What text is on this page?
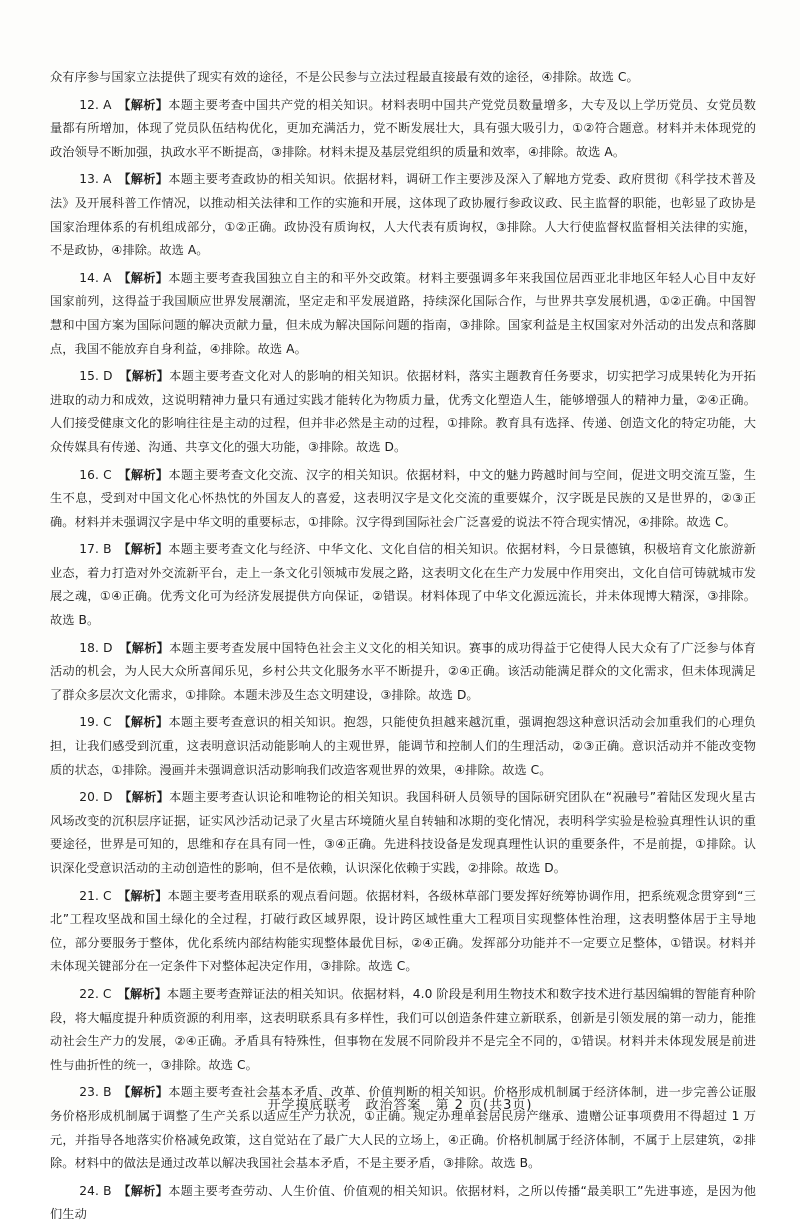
众有序参与国家立法提供了现实有效的途径，不是公民参与立法过程最直接最有效的途径，④排除。故选 C。

12. A　 【解析】本题主要考查中国共产党的相关知识。材料表明中国共产党党员数量增多，大专及以上学历党员、女党员数量都有所增加，体现了党员队伍结构优化，更加充满活力，党不断发展壮大，具有强大吸引力，①②符合题意。材料并未体现党的政治领导不断加强，执政水平不断提高，③排除。材料未提及基层党组织的质量和效率，④排除。故选 A。

13. A　 【解析】本题主要考查政协的相关知识。依据材料，调研工作主要涉及深入了解地方党委、政府贯彻《科学技术普及法》及开展科普工作情况，以推动相关法律和工作的实施和开展，这体现了政协履行参政议政、民主监督的职能，也彰显了政协是国家治理体系的有机组成部分，①②正确。政协没有质询权，人大代表有质询权，③排除。人大行使监督权监督相关法律的实施，不是政协，④排除。故选 A。

14. A　 【解析】本题主要考查我国独立自主的和平外交政策。材料主要强调多年来我国位居西亚北非地区年轻人心目中友好国家前列，这得益于我国顺应世界发展潮流，坚定走和平发展道路，持续深化国际合作，与世界共享发展机遇，①②正确。中国智慧和中国方案为国际问题的解决贡献力量，但未成为解决国际问题的指南，③排除。国家利益是主权国家对外活动的出发点和落脚点，我国不能放弃自身利益，④排除。故选 A。

15. D　 【解析】本题主要考查文化对人的影响的相关知识。依据材料，落实主题教育任务要求，切实把学习成果转化为开拓进取的动力和成效，这说明精神力量只有通过实践才能转化为物质力量，优秀文化塑造人生，能够增强人的精神力量，②④正确。人们接受健康文化的影响往往是主动的过程，但并非必然是主动的过程，①排除。教育具有选择、传递、创造文化的特定功能，大众传媒具有传递、沟通、共享文化的强大功能，③排除。故选 D。

16. C　 【解析】本题主要考查文化交流、汉字的相关知识。依据材料，中文的魅力跨越时间与空间，促进文明交流互鉴，生生不息，受到对中国文化心怀热忱的外国友人的喜爱，这表明汉字是文化交流的重要媒介，汉字既是民族的又是世界的，②③正确。材料并未强调汉字是中华文明的重要标志，①排除。汉字得到国际社会广泛喜爱的说法不符合现实情况，④排除。故选 C。

17. B　 【解析】本题主要考查文化与经济、中华文化、文化自信的相关知识。依据材料，今日景德镇，积极培育文化旅游新业态，着力打造对外交流新平台，走上一条文化引领城市发展之路，这表明文化在生产力发展中作用突出，文化自信可铸就城市发展之魂，①④正确。优秀文化可为经济发展提供方向保证，②错误。材料体现了中华文化源远流长，并未体现博大精深，③排除。故选 B。

18. D　 【解析】本题主要考查发展中国特色社会主义文化的相关知识。赛事的成功得益于它使得人民大众有了广泛参与体育活动的机会，为人民大众所喜闻乐见，乡村公共文化服务水平不断提升，②④正确。该活动能满足群众的文化需求，但未体现满足了群众多层次文化需求，①排除。本题未涉及生态文明建设，③排除。故选 D。

19. C　 【解析】本题主要考查意识的相关知识。抱怨，只能使负担越来越沉重，强调抱怨这种意识活动会加重我们的心理负担，让我们感受到沉重，这表明意识活动能影响人的主观世界，能调节和控制人们的生理活动，②③正确。意识活动并不能改变物质的状态，①排除。漫画并未强调意识活动影响我们改造客观世界的效果，④排除。故选 C。

20. D　 【解析】本题主要考查认识论和唯物论的相关知识。我国科研人员领导的国际研究团队在“祝融号”着陆区发现火星古风场改变的沉积层序证据，证实风沙活动记录了火星古环境随火星自转轴和冰期的变化情况，表明科学实验是检验真理性认识的重要途径，世界是可知的，思维和存在具有同一性，③④正确。先进科技设备是发现真理性认识的重要条件，不是前提，①排除。认识深化受意识活动的主动创造性的影响，但不是依赖，认识深化依赖于实践，②排除。故选 D。

21. C　 【解析】本题主要考查用联系的观点看问题。依据材料，各级林草部门要发挥好统筹协调作用，把系统观念贯穿到“三北”工程攻坚战和国土绿化的全过程，打破行政区域界限，设计跨区域性重大工程项目实现整体性治理，这表明整体居于主导地位，部分要服务于整体，优化系统内部结构能实现整体最优目标，②④正确。发挥部分功能并不一定要立足整体，①错误。材料并未体现关键部分在一定条件下对整体起决定作用，③排除。故选 C。

22. C　 【解析】本题主要考查辩证法的相关知识。依据材料，4.0 阶段是利用生物技术和数字技术进行基因编辑的智能育种阶段，将大幅度提升种质资源的利用率，这表明联系具有多样性，我们可以创造条件建立新联系，创新是引领发展的第一动力，能推动社会生产力的发展，②④正确。矛盾具有特殊性，但事物在发展不同阶段并不是完全不同的，①错误。材料并未体现发展是前进性与曲折性的统一，③排除。故选 C。

23. B　 【解析】本题主要考查社会基本矛盾、改革、价值判断的相关知识。价格形成机制属于经济体制，进一步完善公证服务价格形成机制属于调整了生产关系以适应生产力状况，①正确。规定办理单套居民房产继承、遗赠公证事项费用不得超过 1 万元，并指导各地落实价格减免政策，这自觉站在了最广大人民的立场上，④正确。价格机制属于经济体制，不属于上层建筑，②排除。材料中的做法是通过改革以解决我国社会基本矛盾，不是主要矛盾，③排除。故选 B。

24. B　 【解析】本题主要考查劳动、人生价值、价值观的相关知识。依据材料，之所以传播“最美职工”先进事迹，是因为他们生动

开学摸底联考　政治答案　第 2 页(共3页)
